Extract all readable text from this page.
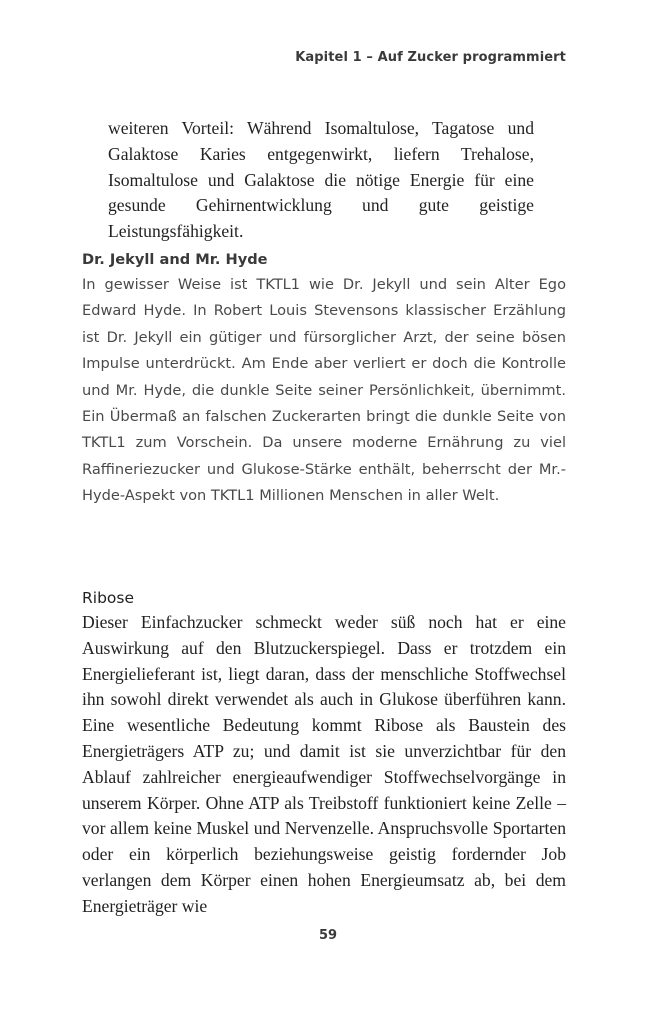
Kapitel 1 – Auf Zucker programmiert

weiteren Vorteil: Während Isomaltulose, Tagatose und Galaktose Karies entgegenwirkt, liefern Trehalose, Isomaltulose und Galaktose die nötige Energie für eine gesunde Gehirnentwicklung und gute geistige Leistungsfähigkeit.

Dr. Jekyll and Mr. Hyde

In gewisser Weise ist TKTL1 wie Dr. Jekyll und sein Alter Ego Edward Hyde. In Robert Louis Stevensons klassischer Erzählung ist Dr. Jekyll ein gütiger und fürsorglicher Arzt, der seine bösen Impulse unterdrückt. Am Ende aber verliert er doch die Kontrolle und Mr. Hyde, die dunkle Seite seiner Persönlichkeit, übernimmt. Ein Übermaß an falschen Zuckerarten bringt die dunkle Seite von TKTL1 zum Vorschein. Da unsere moderne Ernährung zu viel Raffineriezucker und Glukose-Stärke enthält, beherrscht der Mr.-Hyde-Aspekt von TKTL1 Millionen Menschen in aller Welt.

Ribose

Dieser Einfachzucker schmeckt weder süß noch hat er eine Auswirkung auf den Blutzuckerspiegel. Dass er trotzdem ein Energielieferant ist, liegt daran, dass der menschliche Stoffwechsel ihn sowohl direkt verwendet als auch in Glukose überführen kann. Eine wesentliche Bedeutung kommt Ribose als Baustein des Energieträgers ATP zu; und damit ist sie unverzichtbar für den Ablauf zahlreicher energieaufwendiger Stoffwechselvorgänge in unserem Körper. Ohne ATP als Treibstoff funktioniert keine Zelle – vor allem keine Muskel und Nervenzelle. Anspruchsvolle Sportarten oder ein körperlich beziehungsweise geistig fordernder Job verlangen dem Körper einen hohen Energieumsatz ab, bei dem Energieträger wie

59
